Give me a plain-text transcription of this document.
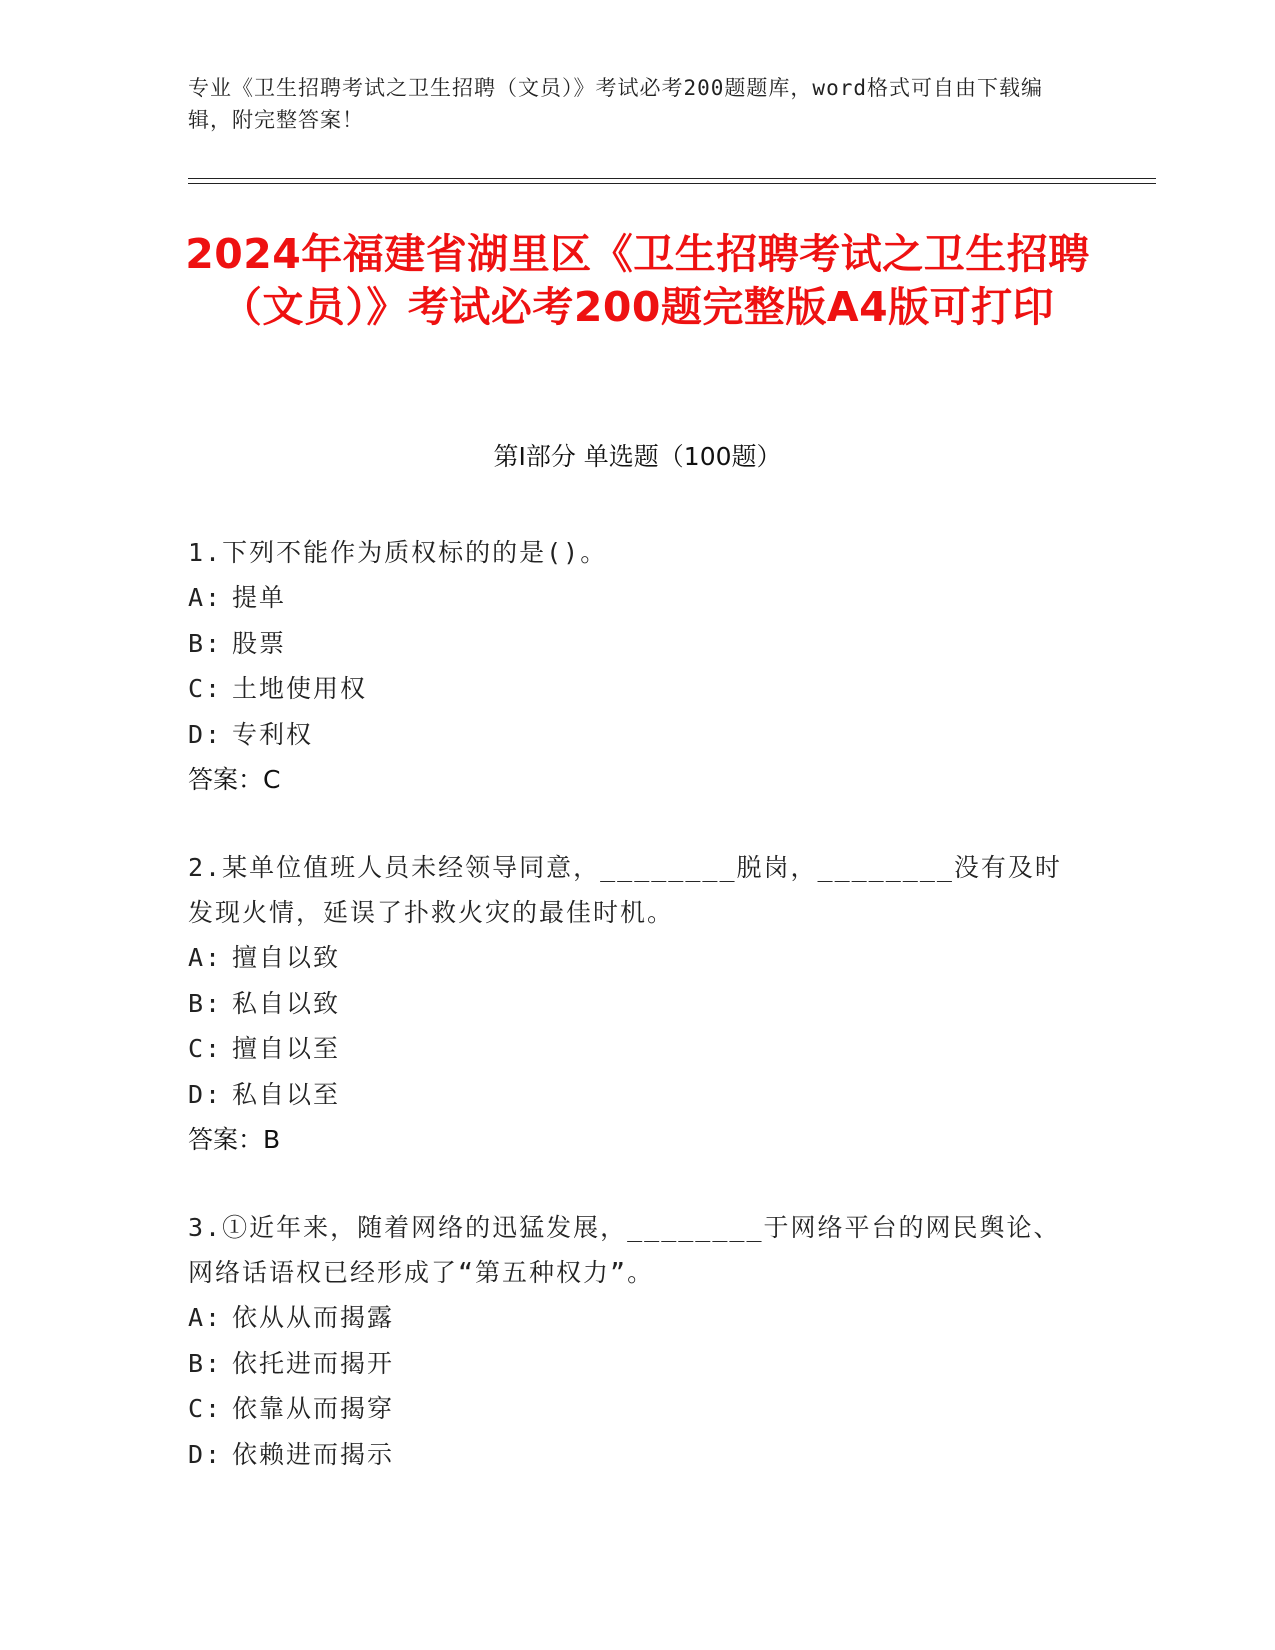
专业《卫生招聘考试之卫生招聘（文员）》考试必考200题题库，word格式可自由下载编辑，附完整答案！
2024年福建省湖里区《卫生招聘考试之卫生招聘（文员）》考试必考200题完整版A4版可打印
第Ⅰ部分 单选题（100题）
1.下列不能作为质权标的的是()。
A: 提单
B: 股票
C: 土地使用权
D: 专利权
答案：C
2.某单位值班人员未经领导同意，________脱岗，________没有及时发现火情，延误了扑救火灾的最佳时机。
A: 擅自以致
B: 私自以致
C: 擅自以至
D: 私自以至
答案：B
3.①近年来，随着网络的迅猛发展，________于网络平台的网民舆论、网络话语权已经形成了“第五种权力”。
A: 依从从而揭露
B: 依托进而揭开
C: 依靠从而揭穿
D: 依赖进而揭示
